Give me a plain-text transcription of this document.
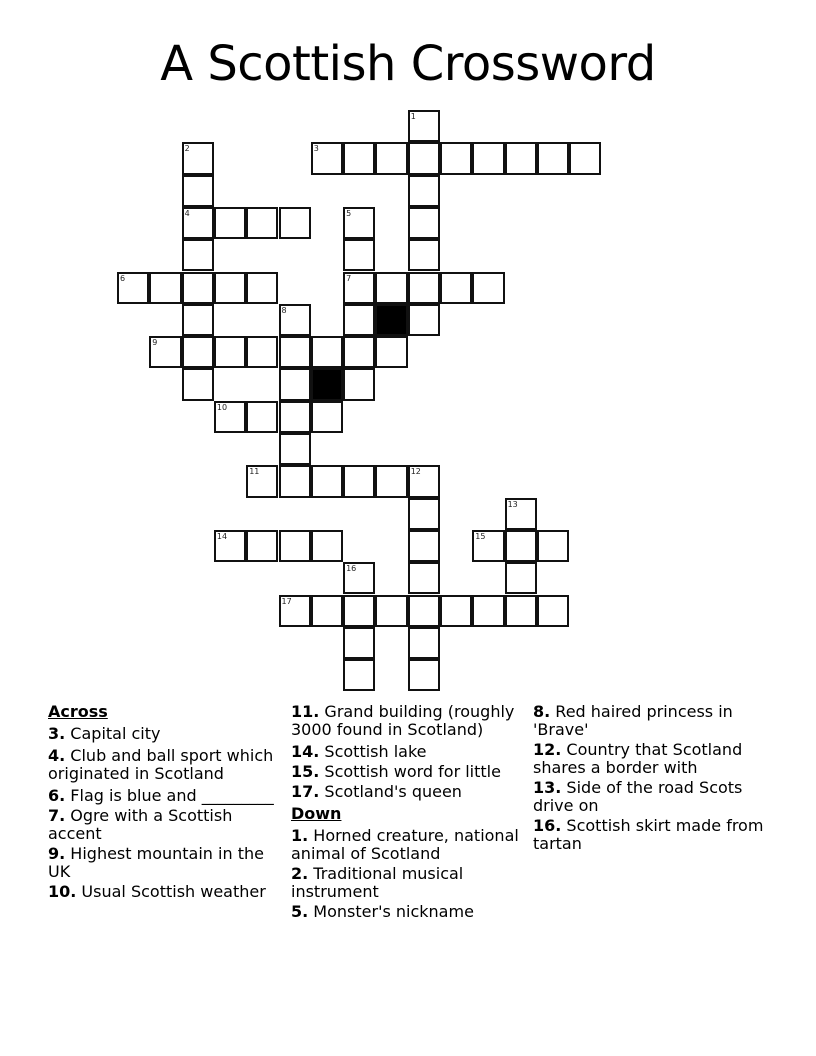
A Scottish Crossword
1
2	3
4	5
6	7
8
9
10
11	12
13
14	15
16
17
Across
3. Capital city
4. Club and ball sport which originated in Scotland
6. Flag is blue and _________
7. Ogre with a Scottish accent
9. Highest mountain in the UK
10. Usual Scottish weather
11. Grand building (roughly 3000 found in Scotland)
14. Scottish lake
15. Scottish word for little
17. Scotland's queen
Down
1. Horned creature, national animal of Scotland
2. Traditional musical instrument
5. Monster's nickname
8. Red haired princess in 'Brave'
12. Country that Scotland shares a border with
13. Side of the road Scots drive on
16. Scottish skirt made from tartan
